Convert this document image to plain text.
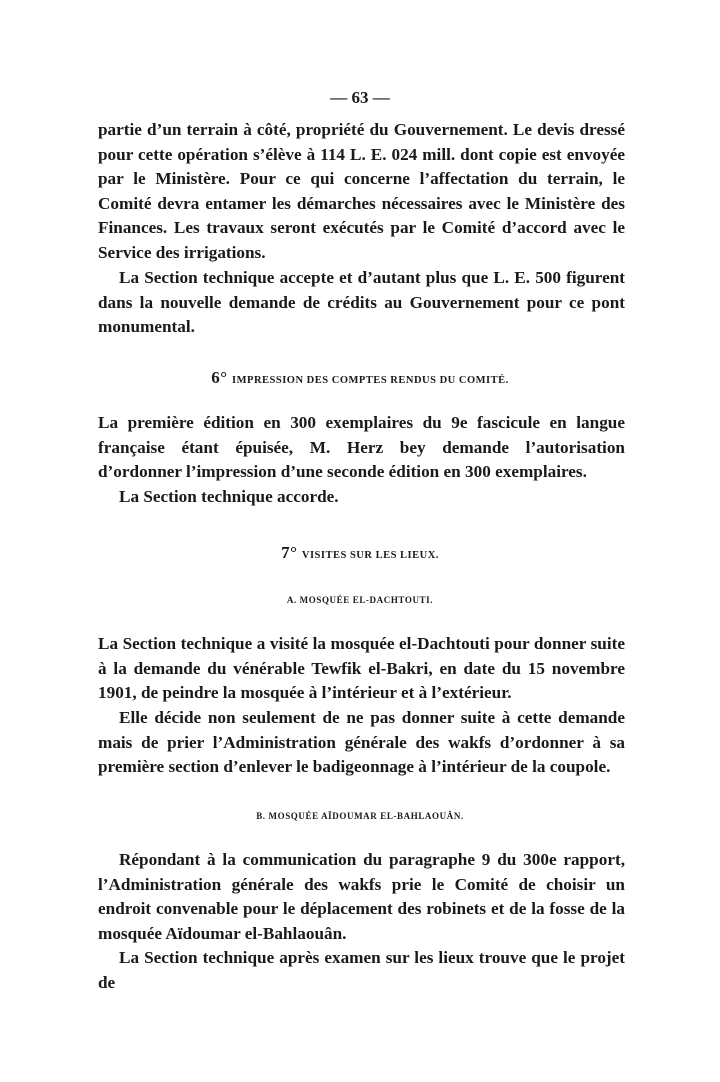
— 63 —

partie d’un terrain à côté, propriété du Gouvernement. Le devis dressé pour cette opération s’élève à 114 L. E. 024 mill. dont copie est envoyée par le Ministère. Pour ce qui concerne l’affectation du terrain, le Comité devra entamer les démarches nécessaires avec le Ministère des Finances. Les travaux seront exécutés par le Comité d’accord avec le Service des irrigations.

La Section technique accepte et d’autant plus que L. E. 500 figurent dans la nouvelle demande de crédits au Gouvernement pour ce pont monumental.

6° IMPRESSION DES COMPTES RENDUS DU COMITÉ.

La première édition en 300 exemplaires du 9e fascicule en langue française étant épuisée, M. Herz bey demande l’autorisation d’ordonner l’impression d’une seconde édition en 300 exemplaires.

La Section technique accorde.

7° VISITES SUR LES LIEUX.
A. MOSQUÉE EL-DACHTOUTI.

La Section technique a visité la mosquée el-Dachtouti pour donner suite à la demande du vénérable Tewfik el-Bakri, en date du 15 novembre 1901, de peindre la mosquée à l’intérieur et à l’extérieur.

Elle décide non seulement de ne pas donner suite à cette demande mais de prier l’Administration générale des wakfs d’ordonner à sa première section d’enlever le badigeonnage à l’intérieur de la coupole.

B. MOSQUÉE AÏDOUMAR EL-BAHLAOUÂN.

Répondant à la communication du paragraphe 9 du 300e rapport, l’Administration générale des wakfs prie le Comité de choisir un endroit convenable pour le déplacement des robinets et de la fosse de la mosquée Aïdoumar el-Bahlaouân.

La Section technique après examen sur les lieux trouve que le projet de
